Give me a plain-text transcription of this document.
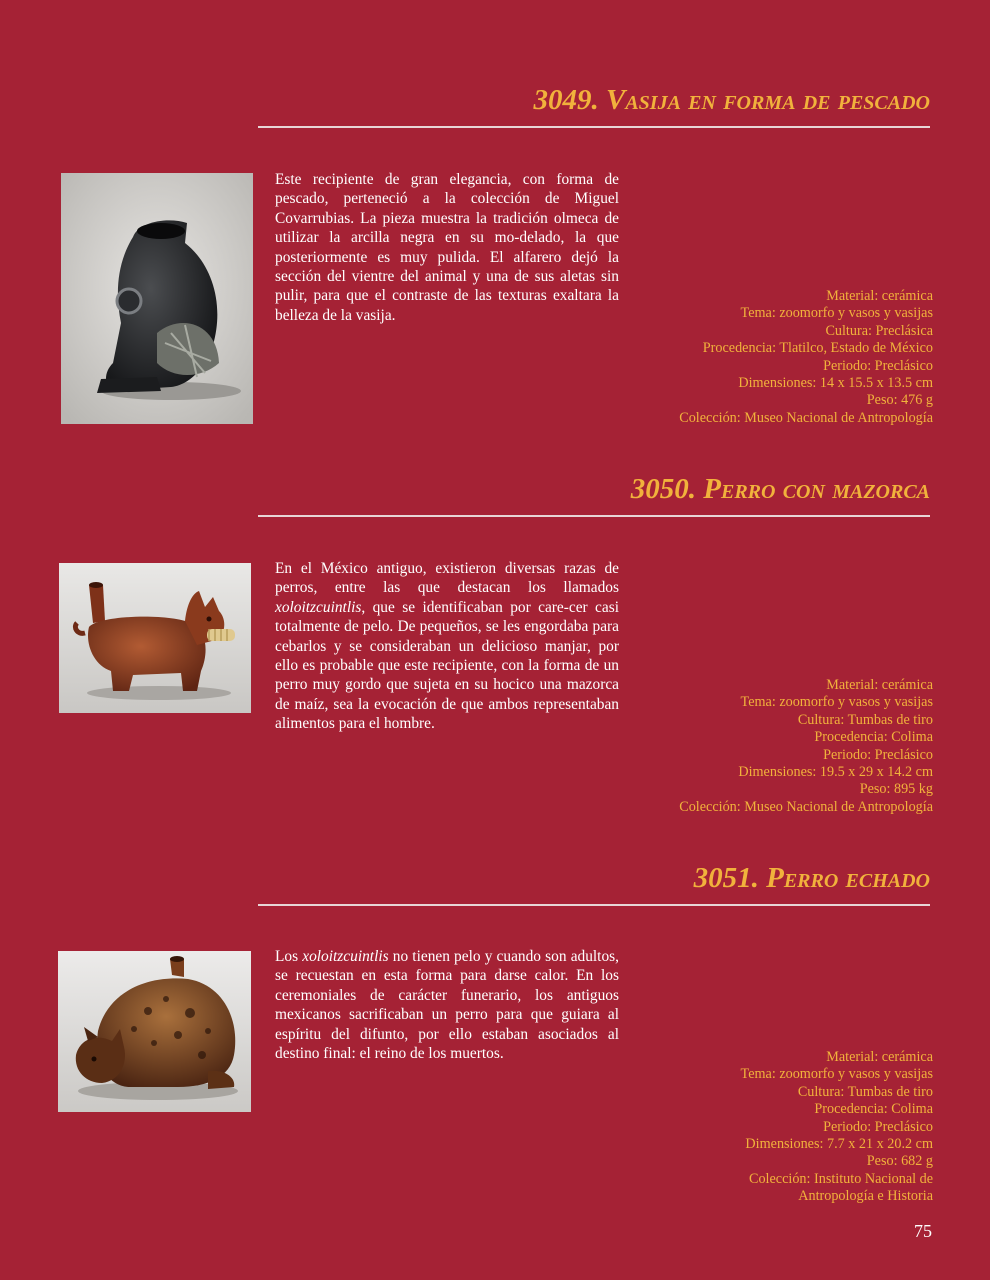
3049. Vasija en forma de pescado

Este recipiente de gran elegancia, con forma de pescado, perteneció a la colección de Miguel Covarrubias. La pieza muestra la tradición olmeca de utilizar la arcilla negra en su mo-delado, la que posteriormente es muy pulida. El alfarero dejó la sección del vientre del animal y una de sus aletas sin pulir, para que el contraste de las texturas exaltara la belleza de la vasija.

Material: cerámica
Tema: zoomorfo y vasos y vasijas
Cultura: Preclásica
Procedencia: Tlatilco, Estado de México
Periodo: Preclásico
Dimensiones: 14 x 15.5 x 13.5 cm
Peso: 476 g
Colección: Museo Nacional de Antropología
3050. Perro con mazorca

En el México antiguo, existieron diversas razas de perros, entre las que destacan los llamados xoloitzcuintlis, que se identificaban por care-cer casi totalmente de pelo. De pequeños, se les engordaba para cebarlos y se consideraban un delicioso manjar, por ello es probable que este recipiente, con la forma de un perro muy gordo que sujeta en su hocico una mazorca de maíz, sea la evocación de que ambos representaban alimentos para el hombre.

Material: cerámica
Tema: zoomorfo y vasos y vasijas
Cultura: Tumbas de tiro
Procedencia: Colima
Periodo: Preclásico
Dimensiones: 19.5 x 29 x 14.2 cm
Peso: 895 kg
Colección: Museo Nacional de Antropología
3051. Perro echado

Los xoloitzcuintlis no tienen pelo y cuando son adultos, se recuestan en esta forma para darse calor. En los ceremoniales de carácter funerario, los antiguos mexicanos sacrificaban un perro para que guiara al espíritu del difunto, por ello estaban asociados al destino final: el reino de los muertos.	Material: cerámica
Tema: zoomorfo y vasos y vasijas
Cultura: Tumbas de tiro
Procedencia: Colima
Periodo: Preclásico
Dimensiones: 7.7 x 21 x 20.2 cm
Peso: 682 g
Colección: Instituto Nacional de
Antropología e Historia
75
